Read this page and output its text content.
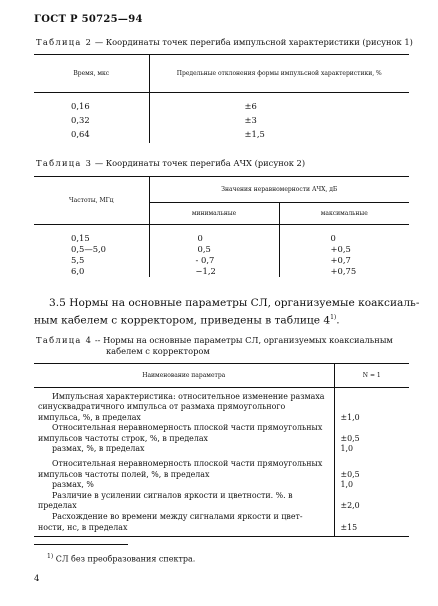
ГОСТ Р 50725—94
Таблица 2 — Координаты точек перегиба импульсной характеристики (рисунок 1)
Время, мкс	Предельные отклонения формы импульсной характеристики, %

0,16	±6
0,32	±3
0,64	±1,5
Таблица 3 — Координаты точек перегиба АЧХ (рисунок 2)
Частоты, МГц	Значения неравномерности АЧХ, дБ	
	минимальные	максимальные

0,15	0	0
0,5—5,0	0,5	+0,5
5,5	- 0,7	+0,7
6,0	−1,2	+0,75
3.5 Нормы на основные параметры СЛ, организуемые коаксиаль-
ным кабелем с корректором, приведены в таблице 4$^{1)}$.
Таблица 4 -- Нормы на основные параметры СЛ, организуемых коаксиальным
кабелем с корректором
Наименование параметра	N = 1

Импульсная характеристика: относительное изменение размаха
синусквадратичного импульса от размаха прямоугольного
импульса, %, в пределах	±1,0

Относительная неравномерность плоской части прямоугольных
импульсов частоты строк, %, в пределах	±0,5

размах, %, в пределах	1,0

Относительная неравномерность плоской части прямоугольных
импульсов частоты полей, %, в пределах	±0,5

размах, %	1,0

Различие в усилении сигналов яркости и цветности. %. в
пределах	±2,0

Расхождение во времени между сигналами яркости и цвет-
ности, нс, в пределах	±15
$^{1)}$ СЛ без преобразования спектра.
4
